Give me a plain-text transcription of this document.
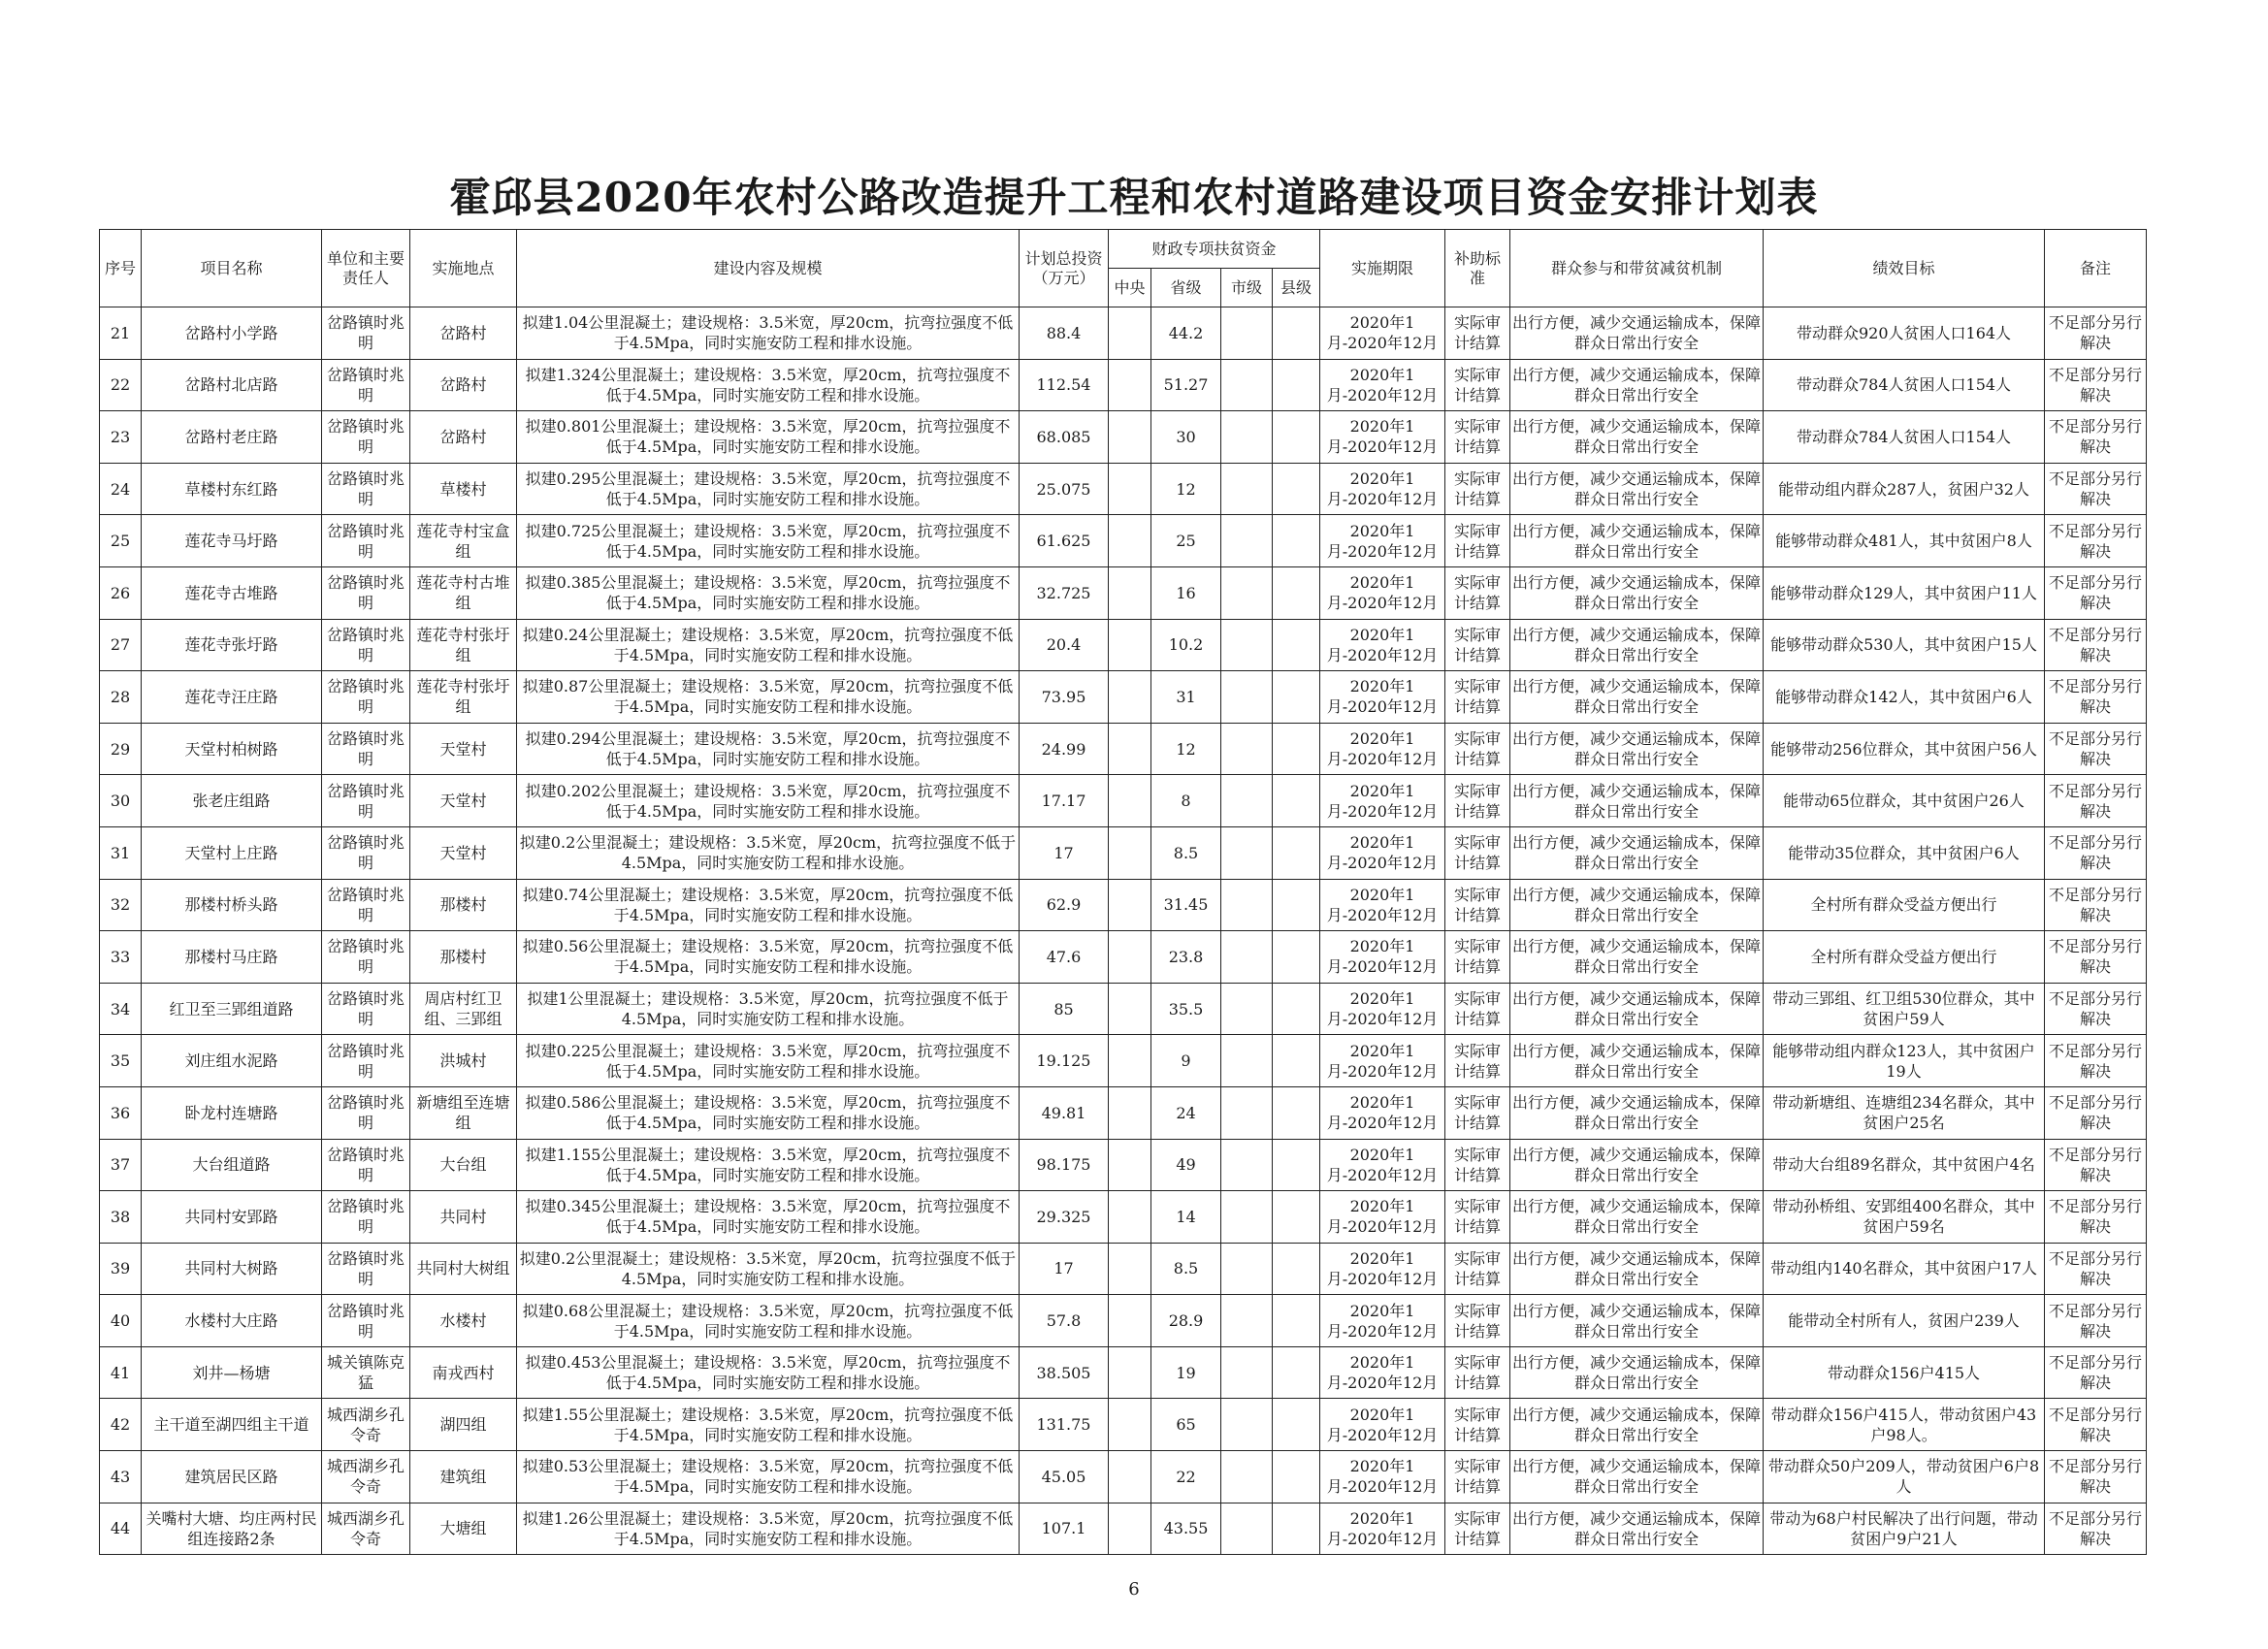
霍邱县2020年农村公路改造提升工程和农村道路建设项目资金安排计划表
序号	项目名称	单位和主要责任人	实施地点	建设内容及规模	计划总投资（万元）	财政专项扶贫资金				实施期限	补助标准	群众参与和带贫减贫机制	绩效目标	备注
						中央	省级	市级	县级					
21	岔路村小学路	岔路镇时兆明	岔路村	拟建1.04公里混凝土；建设规格：3.5米宽，厚20cm，抗弯拉强度不低于4.5Mpa，同时实施安防工程和排水设施。	88.4		44.2			2020年1月-2020年12月	实际审计结算	出行方便，减少交通运输成本，保障群众日常出行安全	带动群众920人贫困人口164人	不足部分另行解决
22	岔路村北店路	岔路镇时兆明	岔路村	拟建1.324公里混凝土；建设规格：3.5米宽，厚20cm，抗弯拉强度不低于4.5Mpa，同时实施安防工程和排水设施。	112.54		51.27			2020年1月-2020年12月	实际审计结算	出行方便，减少交通运输成本，保障群众日常出行安全	带动群众784人贫困人口154人	不足部分另行解决
23	岔路村老庄路	岔路镇时兆明	岔路村	拟建0.801公里混凝土；建设规格：3.5米宽，厚20cm，抗弯拉强度不低于4.5Mpa，同时实施安防工程和排水设施。	68.085		30			2020年1月-2020年12月	实际审计结算	出行方便，减少交通运输成本，保障群众日常出行安全	带动群众784人贫困人口154人	不足部分另行解决
24	草楼村东红路	岔路镇时兆明	草楼村	拟建0.295公里混凝土；建设规格：3.5米宽，厚20cm，抗弯拉强度不低于4.5Mpa，同时实施安防工程和排水设施。	25.075		12			2020年1月-2020年12月	实际审计结算	出行方便，减少交通运输成本，保障群众日常出行安全	能带动组内群众287人，贫困户32人	不足部分另行解决
25	莲花寺马圩路	岔路镇时兆明	莲花寺村宝盒组	拟建0.725公里混凝土；建设规格：3.5米宽，厚20cm，抗弯拉强度不低于4.5Mpa，同时实施安防工程和排水设施。	61.625		25			2020年1月-2020年12月	实际审计结算	出行方便，减少交通运输成本，保障群众日常出行安全	能够带动群众481人，其中贫困户8人	不足部分另行解决
26	莲花寺古堆路	岔路镇时兆明	莲花寺村古堆组	拟建0.385公里混凝土；建设规格：3.5米宽，厚20cm，抗弯拉强度不低于4.5Mpa，同时实施安防工程和排水设施。	32.725		16			2020年1月-2020年12月	实际审计结算	出行方便，减少交通运输成本，保障群众日常出行安全	能够带动群众129人，其中贫困户11人	不足部分另行解决
27	莲花寺张圩路	岔路镇时兆明	莲花寺村张圩组	拟建0.24公里混凝土；建设规格：3.5米宽，厚20cm，抗弯拉强度不低于4.5Mpa，同时实施安防工程和排水设施。	20.4		10.2			2020年1月-2020年12月	实际审计结算	出行方便，减少交通运输成本，保障群众日常出行安全	能够带动群众530人，其中贫困户15人	不足部分另行解决
28	莲花寺汪庄路	岔路镇时兆明	莲花寺村张圩组	拟建0.87公里混凝土；建设规格：3.5米宽，厚20cm，抗弯拉强度不低于4.5Mpa，同时实施安防工程和排水设施。	73.95		31			2020年1月-2020年12月	实际审计结算	出行方便，减少交通运输成本，保障群众日常出行安全	能够带动群众142人，其中贫困户6人	不足部分另行解决
29	天堂村柏树路	岔路镇时兆明	天堂村	拟建0.294公里混凝土；建设规格：3.5米宽，厚20cm，抗弯拉强度不低于4.5Mpa，同时实施安防工程和排水设施。	24.99		12			2020年1月-2020年12月	实际审计结算	出行方便，减少交通运输成本，保障群众日常出行安全	能够带动256位群众，其中贫困户56人	不足部分另行解决
30	张老庄组路	岔路镇时兆明	天堂村	拟建0.202公里混凝土；建设规格：3.5米宽，厚20cm，抗弯拉强度不低于4.5Mpa，同时实施安防工程和排水设施。	17.17		8			2020年1月-2020年12月	实际审计结算	出行方便，减少交通运输成本，保障群众日常出行安全	能带动65位群众，其中贫困户26人	不足部分另行解决
31	天堂村上庄路	岔路镇时兆明	天堂村	拟建0.2公里混凝土；建设规格：3.5米宽，厚20cm，抗弯拉强度不低于4.5Mpa，同时实施安防工程和排水设施。	17		8.5			2020年1月-2020年12月	实际审计结算	出行方便，减少交通运输成本，保障群众日常出行安全	能带动35位群众，其中贫困户6人	不足部分另行解决
32	那楼村桥头路	岔路镇时兆明	那楼村	拟建0.74公里混凝土；建设规格：3.5米宽，厚20cm，抗弯拉强度不低于4.5Mpa，同时实施安防工程和排水设施。	62.9		31.45			2020年1月-2020年12月	实际审计结算	出行方便，减少交通运输成本，保障群众日常出行安全	全村所有群众受益方便出行	不足部分另行解决
33	那楼村马庄路	岔路镇时兆明	那楼村	拟建0.56公里混凝土；建设规格：3.5米宽，厚20cm，抗弯拉强度不低于4.5Mpa，同时实施安防工程和排水设施。	47.6		23.8			2020年1月-2020年12月	实际审计结算	出行方便，减少交通运输成本，保障群众日常出行安全	全村所有群众受益方便出行	不足部分另行解决
34	红卫至三郢组道路	岔路镇时兆明	周店村红卫组、三郢组	拟建1公里混凝土；建设规格：3.5米宽，厚20cm，抗弯拉强度不低于4.5Mpa，同时实施安防工程和排水设施。	85		35.5			2020年1月-2020年12月	实际审计结算	出行方便，减少交通运输成本，保障群众日常出行安全	带动三郢组、红卫组530位群众，其中贫困户59人	不足部分另行解决
35	刘庄组水泥路	岔路镇时兆明	洪城村	拟建0.225公里混凝土；建设规格：3.5米宽，厚20cm，抗弯拉强度不低于4.5Mpa，同时实施安防工程和排水设施。	19.125		9			2020年1月-2020年12月	实际审计结算	出行方便，减少交通运输成本，保障群众日常出行安全	能够带动组内群众123人，其中贫困户19人	不足部分另行解决
36	卧龙村连塘路	岔路镇时兆明	新塘组至连塘组	拟建0.586公里混凝土；建设规格：3.5米宽，厚20cm，抗弯拉强度不低于4.5Mpa，同时实施安防工程和排水设施。	49.81		24			2020年1月-2020年12月	实际审计结算	出行方便，减少交通运输成本，保障群众日常出行安全	带动新塘组、连塘组234名群众，其中贫困户25名	不足部分另行解决
37	大台组道路	岔路镇时兆明	大台组	拟建1.155公里混凝土；建设规格：3.5米宽，厚20cm，抗弯拉强度不低于4.5Mpa，同时实施安防工程和排水设施。	98.175		49			2020年1月-2020年12月	实际审计结算	出行方便，减少交通运输成本，保障群众日常出行安全	带动大台组89名群众，其中贫困户4名	不足部分另行解决
38	共同村安郢路	岔路镇时兆明	共同村	拟建0.345公里混凝土；建设规格：3.5米宽，厚20cm，抗弯拉强度不低于4.5Mpa，同时实施安防工程和排水设施。	29.325		14			2020年1月-2020年12月	实际审计结算	出行方便，减少交通运输成本，保障群众日常出行安全	带动孙桥组、安郢组400名群众，其中贫困户59名	不足部分另行解决
39	共同村大树路	岔路镇时兆明	共同村大树组	拟建0.2公里混凝土；建设规格：3.5米宽，厚20cm，抗弯拉强度不低于4.5Mpa，同时实施安防工程和排水设施。	17		8.5			2020年1月-2020年12月	实际审计结算	出行方便，减少交通运输成本，保障群众日常出行安全	带动组内140名群众，其中贫困户17人	不足部分另行解决
40	水楼村大庄路	岔路镇时兆明	水楼村	拟建0.68公里混凝土；建设规格：3.5米宽，厚20cm，抗弯拉强度不低于4.5Mpa，同时实施安防工程和排水设施。	57.8		28.9			2020年1月-2020年12月	实际审计结算	出行方便，减少交通运输成本，保障群众日常出行安全	能带动全村所有人，贫困户239人	不足部分另行解决
41	刘井—杨塘	城关镇陈克猛	南戎西村	拟建0.453公里混凝土；建设规格：3.5米宽，厚20cm，抗弯拉强度不低于4.5Mpa，同时实施安防工程和排水设施。	38.505		19			2020年1月-2020年12月	实际审计结算	出行方便，减少交通运输成本，保障群众日常出行安全	带动群众156户415人	不足部分另行解决
42	主干道至湖四组主干道	城西湖乡孔令奇	湖四组	拟建1.55公里混凝土；建设规格：3.5米宽，厚20cm，抗弯拉强度不低于4.5Mpa，同时实施安防工程和排水设施。	131.75		65			2020年1月-2020年12月	实际审计结算	出行方便，减少交通运输成本，保障群众日常出行安全	带动群众156户415人，带动贫困户43户98人。	不足部分另行解决
43	建筑居民区路	城西湖乡孔令奇	建筑组	拟建0.53公里混凝土；建设规格：3.5米宽，厚20cm，抗弯拉强度不低于4.5Mpa，同时实施安防工程和排水设施。	45.05		22			2020年1月-2020年12月	实际审计结算	出行方便，减少交通运输成本，保障群众日常出行安全	带动群众50户209人，带动贫困户6户8人	不足部分另行解决
44	关嘴村大塘、均庄两村民组连接路2条	城西湖乡孔令奇	大塘组	拟建1.26公里混凝土；建设规格：3.5米宽，厚20cm，抗弯拉强度不低于4.5Mpa，同时实施安防工程和排水设施。	107.1		43.55			2020年1月-2020年12月	实际审计结算	出行方便，减少交通运输成本，保障群众日常出行安全	带动为68户村民解决了出行问题，带动贫困户9户21人	不足部分另行解决
6
